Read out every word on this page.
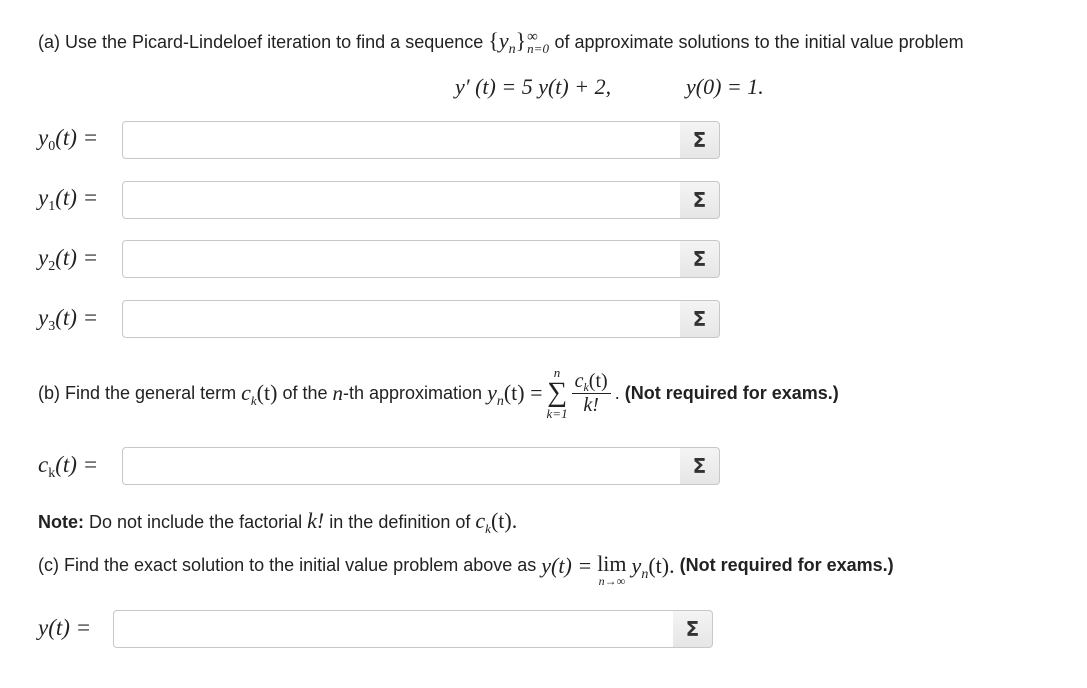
(a) Use the Picard-Lindeloef iteration to find a sequence $\{y_n\}$ ∞
n=0 of approximate solutions to the initial value problem
y′ (t) = 5 y(t) + 2,	y(0) = 1.
$y_0(t)$ =	Σ
$y_1(t)$ =	Σ
$y_2(t)$ =	Σ
$y_3(t)$ =	Σ
(b) Find the general term
$c_k(t)$
of the
n -th approximation
$y_n(t)$ =
n
∑
$k=1 \frac{c_k(t)}{k!}$ .
(Not required for exams.)
$c_k(t)$ =	Σ
Note: Do not include the factorial k! in the definition of $c_k(t)$.
(c) Find the exact solution to the initial value problem above as
y(t) =
lim
n→∞

$y_n(t)$.
(Not required for exams.)
y(t) =	Σ
